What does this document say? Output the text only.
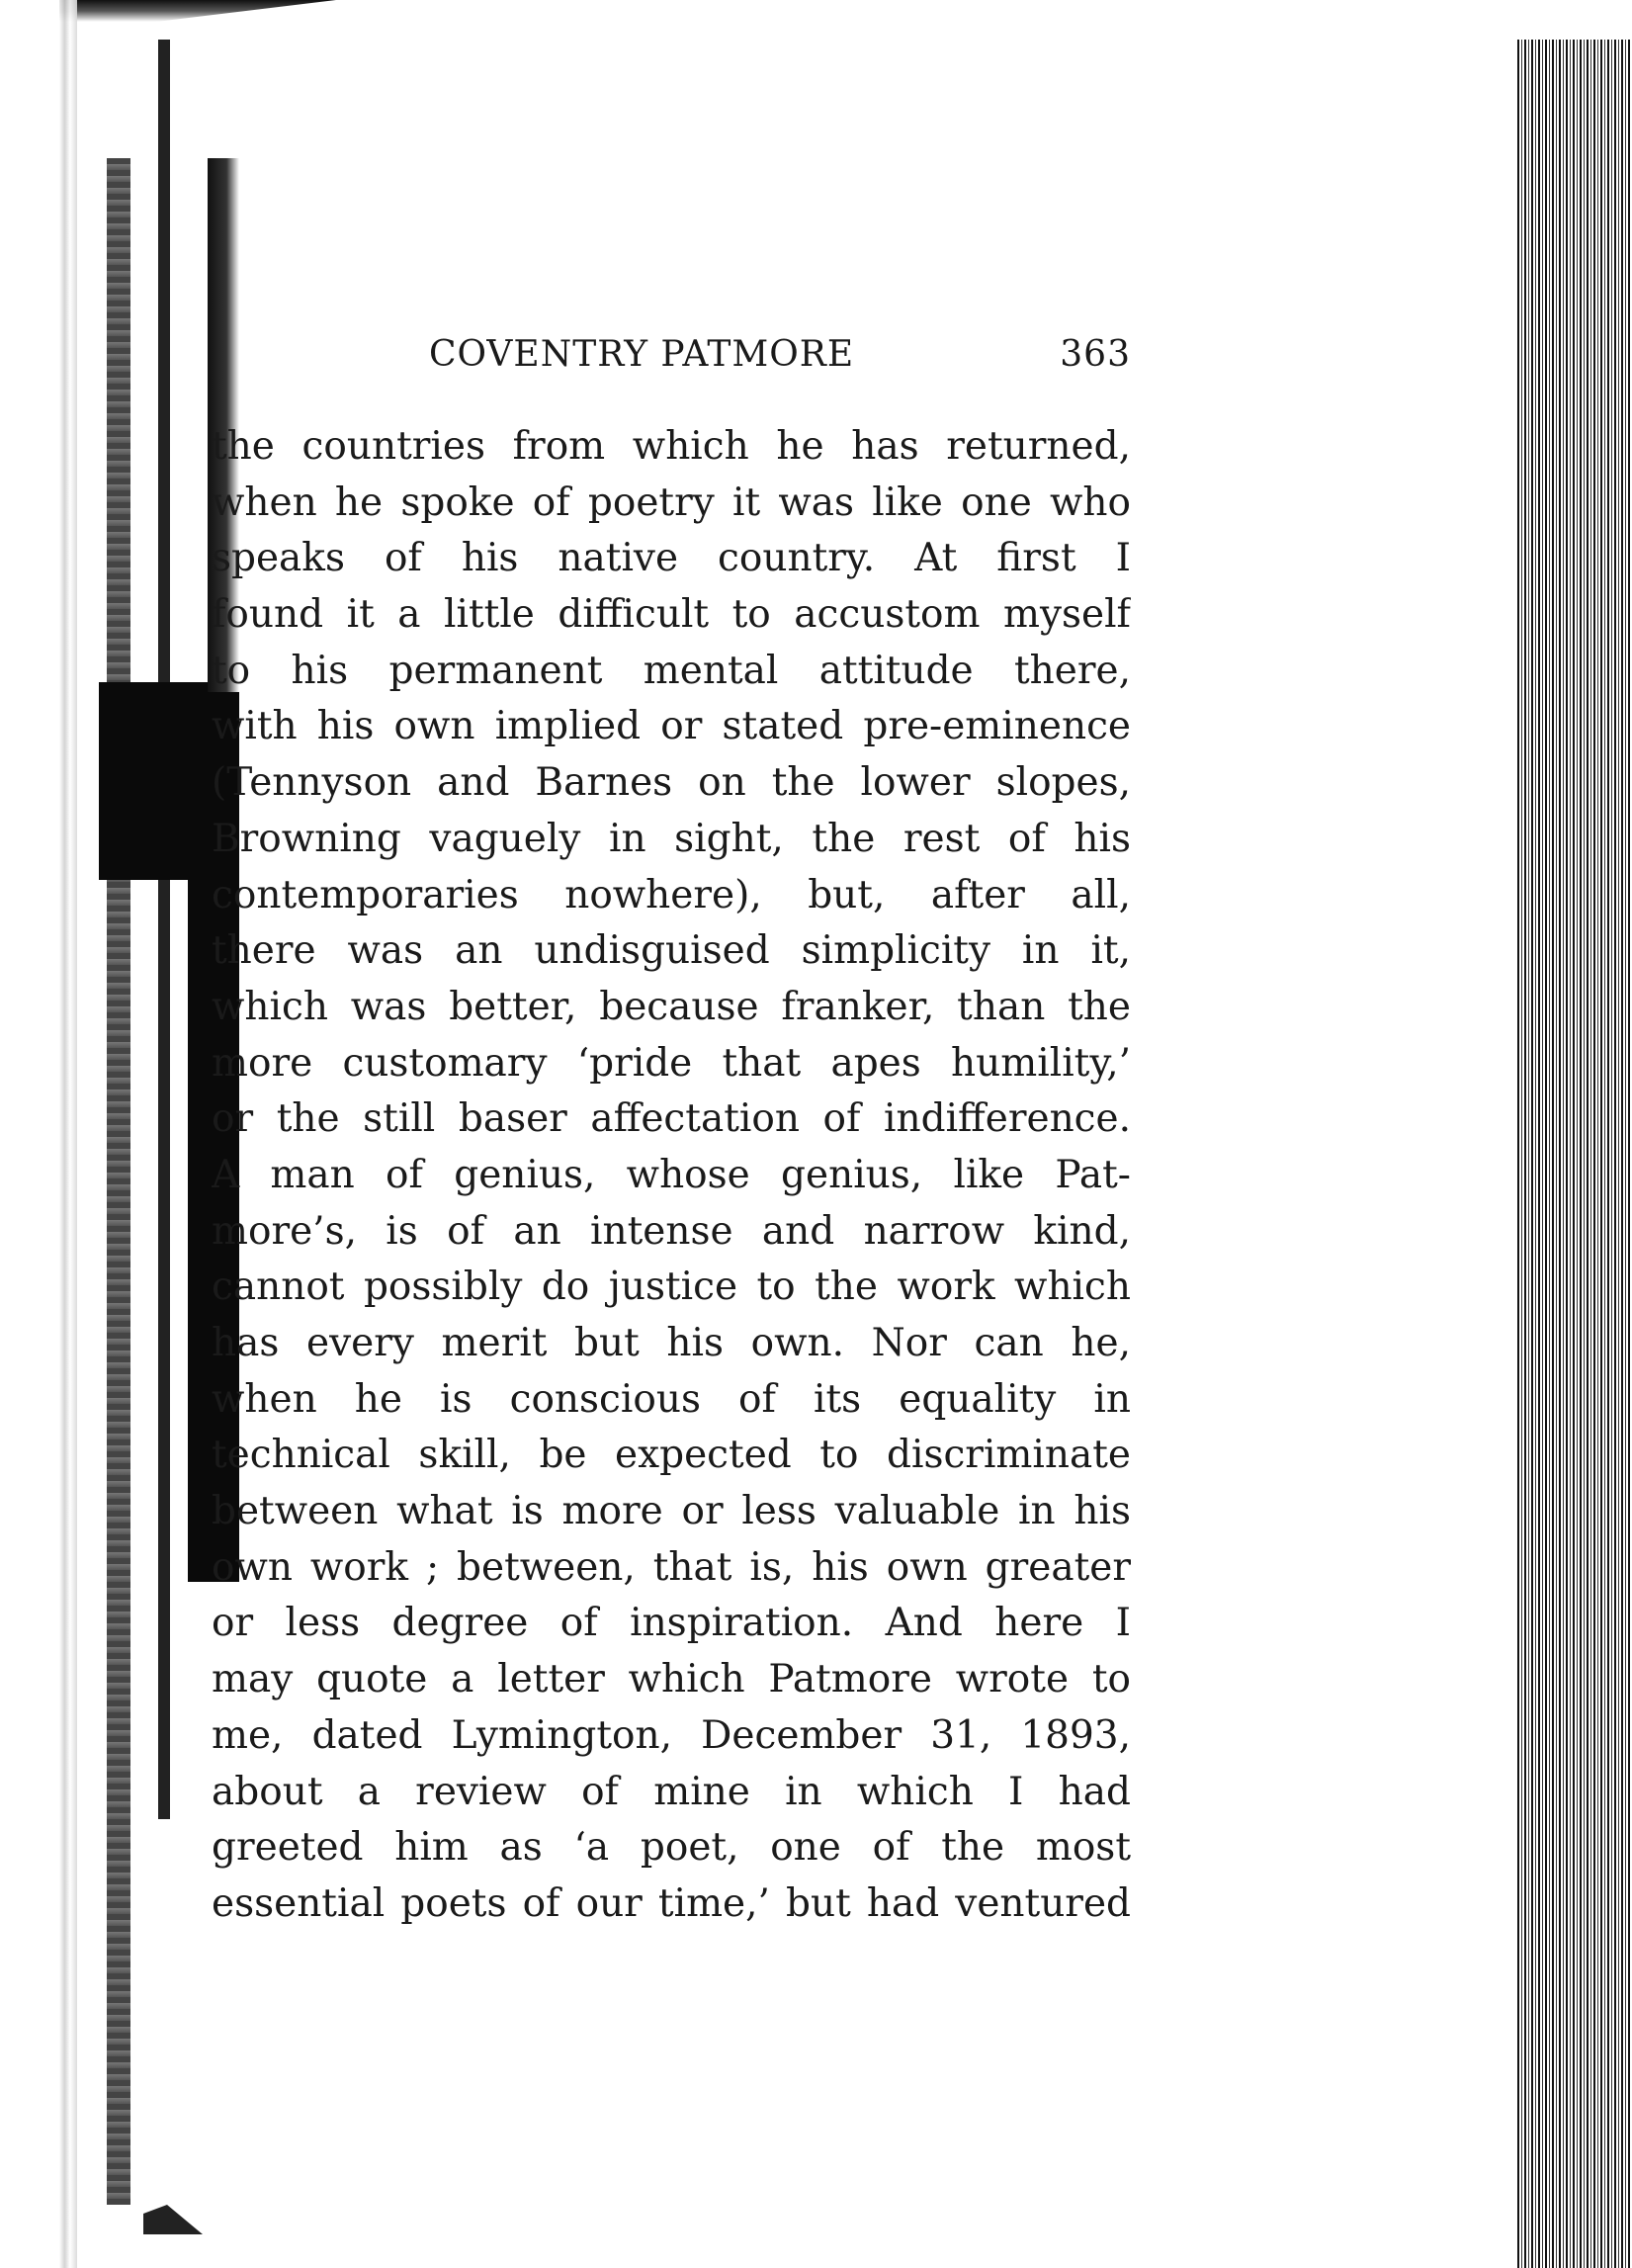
COVENTRY PATMORE	363
the countries from which he has returned,
when he spoke of poetry it was like one who
speaks of his native country. At first I
found it a little difficult to accustom myself
to his permanent mental attitude there,
with his own implied or stated pre-eminence
(Tennyson and Barnes on the lower slopes,
Browning vaguely in sight, the rest of his
contemporaries nowhere), but, after all,
there was an undisguised simplicity in it,
which was better, because franker, than the
more customary ‘pride that apes humility,’
or the still baser affectation of indifference.
A man of genius, whose genius, like Pat-
more’s, is of an intense and narrow kind,
cannot possibly do justice to the work which
has every merit but his own. Nor can he,
when he is conscious of its equality in
technical skill, be expected to discriminate
between what is more or less valuable in his
own work ; between, that is, his own greater
or less degree of inspiration. And here I
may quote a letter which Patmore wrote to
me, dated Lymington, December 31, 1893,
about a review of mine in which I had
greeted him as ‘a poet, one of the most
essential poets of our time,’ but had ventured
